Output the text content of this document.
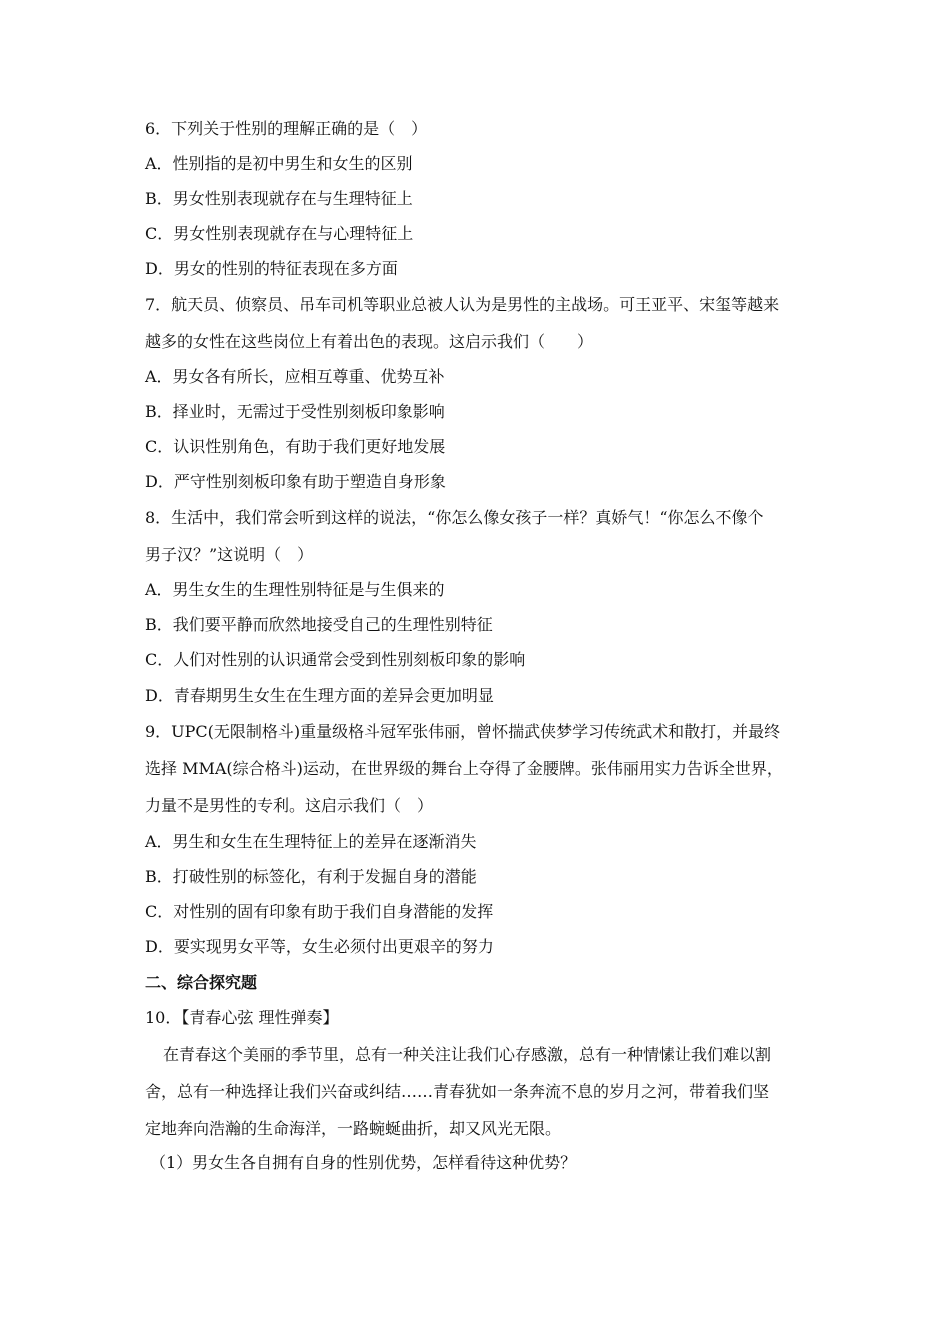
6．下列关于性别的理解正确的是（　）
A．性别指的是初中男生和女生的区别
B．男女性别表现就存在与生理特征上
C．男女性别表现就存在与心理特征上
D．男女的性别的特征表现在多方面
7．航天员、侦察员、吊车司机等职业总被人认为是男性的主战场。可王亚平、宋玺等越来
越多的女性在这些岗位上有着出色的表现。这启示我们（　　）
A．男女各有所长，应相互尊重、优势互补
B．择业时，无需过于受性别刻板印象影响
C．认识性别角色，有助于我们更好地发展
D．严守性别刻板印象有助于塑造自身形象
8．生活中，我们常会听到这样的说法，“你怎么像女孩子一样？真娇气！“你怎么不像个
男子汉？”这说明（　）
A．男生女生的生理性别特征是与生俱来的
B．我们要平静而欣然地接受自己的生理性别特征
C．人们对性别的认识通常会受到性别刻板印象的影响
D．青春期男生女生在生理方面的差异会更加明显
9．UPC(无限制格斗)重量级格斗冠军张伟丽，曾怀揣武侠梦学习传统武术和散打，并最终
选择 MMA(综合格斗)运动，在世界级的舞台上夺得了金腰牌。张伟丽用实力告诉全世界，
力量不是男性的专利。这启示我们（　）
A．男生和女生在生理特征上的差异在逐渐消失
B．打破性别的标签化，有利于发掘自身的潜能
C．对性别的固有印象有助于我们自身潜能的发挥
D．要实现男女平等，女生必须付出更艰辛的努力
二、综合探究题
10．【青春心弦 理性弹奏】
在青春这个美丽的季节里，总有一种关注让我们心存感激，总有一种情愫让我们难以割
舍，总有一种选择让我们兴奋或纠结……青春犹如一条奔流不息的岁月之河，带着我们坚
定地奔向浩瀚的生命海洋，一路蜿蜒曲折，却又风光无限。
（1）男女生各自拥有自身的性别优势，怎样看待这种优势？
